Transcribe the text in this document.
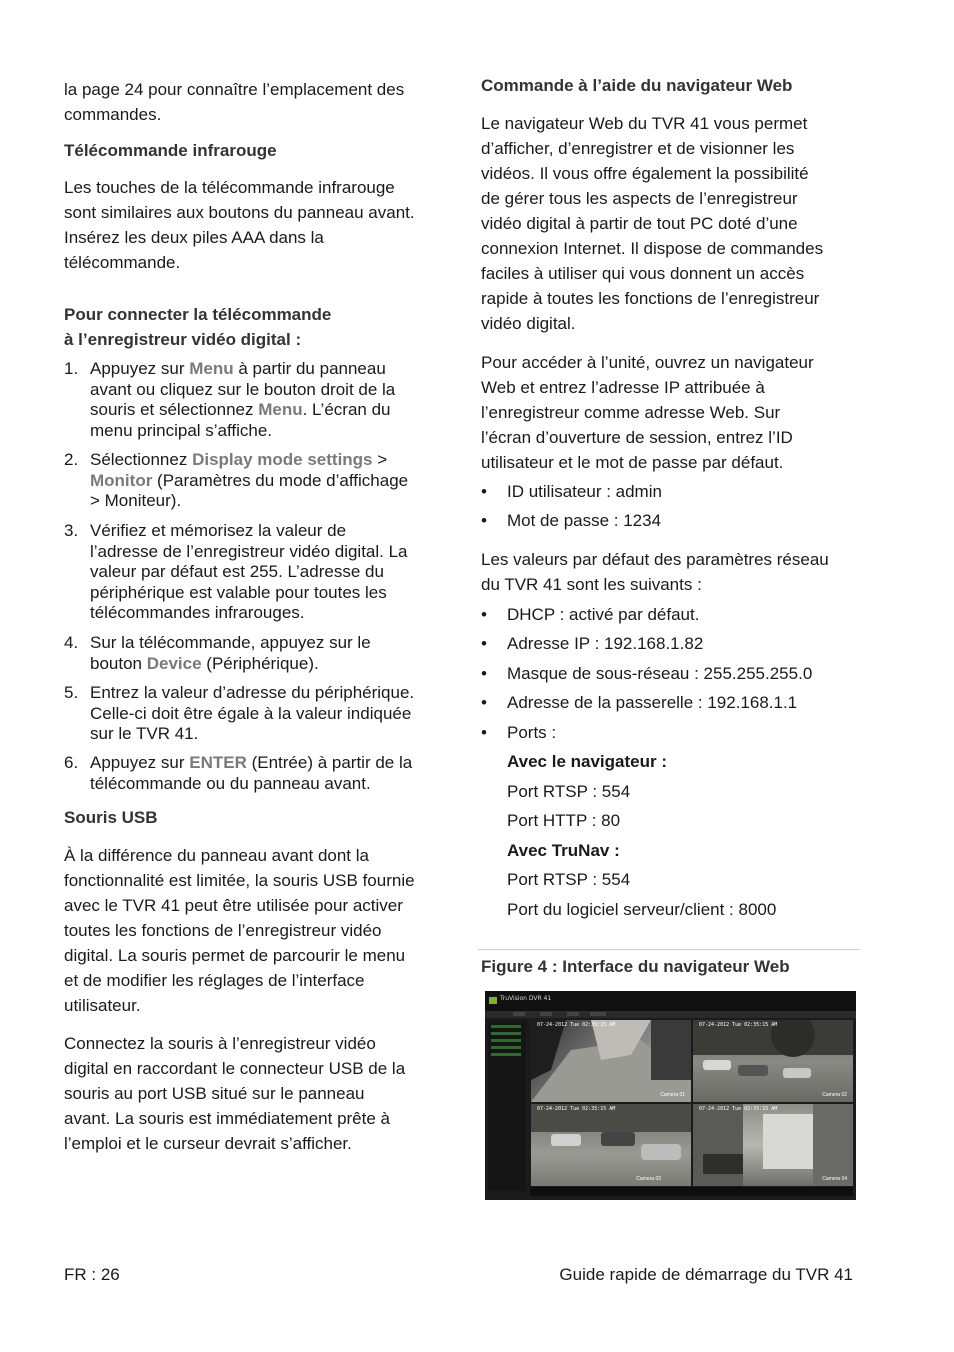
la page 24 pour connaître l’emplacement des
commandes.
Télécommande infrarouge
Les touches de la télécommande infrarouge
sont similaires aux boutons du panneau avant.
Insérez les deux piles AAA dans la
télécommande.
Pour connecter la télécommande
à l’enregistreur vidéo digital :
1. Appuyez sur Menu à partir du panneau
avant ou cliquez sur le bouton droit de la
souris et sélectionnez Menu. L’écran du
menu principal s’affiche.
2. Sélectionnez Display mode settings >
Monitor (Paramètres du mode d’affichage
> Moniteur).
3. Vérifiez et mémorisez la valeur de
l’adresse de l’enregistreur vidéo digital. La
valeur par défaut est 255. L’adresse du
périphérique est valable pour toutes les
télécommandes infrarouges.
4. Sur la télécommande, appuyez sur le
bouton Device (Périphérique).
5. Entrez la valeur d’adresse du périphérique.
Celle-ci doit être égale à la valeur indiquée
sur le TVR 41.
6. Appuyez sur ENTER (Entrée) à partir de la
télécommande ou du panneau avant.
Souris USB
À la différence du panneau avant dont la
fonctionnalité est limitée, la souris USB fournie
avec le TVR 41 peut être utilisée pour activer
toutes les fonctions de l’enregistreur vidéo
digital. La souris permet de parcourir le menu
et de modifier les réglages de l’interface
utilisateur.
Connectez la souris à l’enregistreur vidéo
digital en raccordant le connecteur USB de la
souris au port USB situé sur le panneau
avant. La souris est immédiatement prête à
l’emploi et le curseur devrait s’afficher.
Commande à l’aide du navigateur Web
Le navigateur Web du TVR 41 vous permet
d’afficher, d’enregistrer et de visionner les
vidéos. Il vous offre également la possibilité
de gérer tous les aspects de l’enregistreur
vidéo digital à partir de tout PC doté d’une
connexion Internet. Il dispose de commandes
faciles à utiliser qui vous donnent un accès
rapide à toutes les fonctions de l’enregistreur
vidéo digital.
Pour accéder à l’unité, ouvrez un navigateur
Web et entrez l’adresse IP attribuée à
l’enregistreur comme adresse Web. Sur
l’écran d’ouverture de session, entrez l’ID
utilisateur et le mot de passe par défaut.
• ID utilisateur : admin
• Mot de passe : 1234
Les valeurs par défaut des paramètres réseau
du TVR 41 sont les suivants :
• DHCP : activé par défaut.
• Adresse IP : 192.168.1.82
• Masque de sous-réseau : 255.255.255.0
• Adresse de la passerelle : 192.168.1.1
• Ports :
Avec le navigateur :
Port RTSP : 554
Port HTTP : 80
Avec TruNav :
Port RTSP : 554
Port du logiciel serveur/client : 8000
Figure 4 : Interface du navigateur Web
TruVision DVR 41
07-24-2012 Tue 02:35:15 AM
Camera 01
07-24-2012 Tue 02:35:15 AM
Camera 02
07-24-2012 Tue 02:35:15 AM
Camera 03
07-24-2012 Tue 02:35:15 AM
Camera 04
FR : 26	Guide rapide de démarrage du TVR 41
